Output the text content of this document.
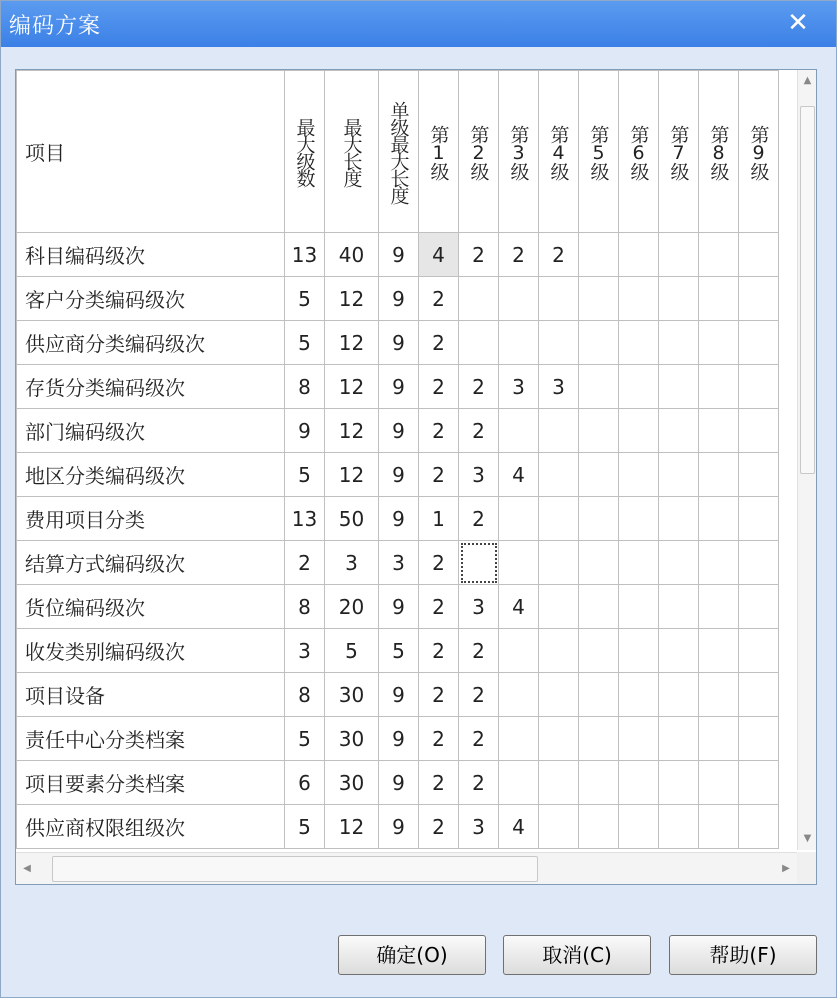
编码方案	✕
项目	最大级数	最大长度	单级最大长度	第1级	第2级	第3级	第4级	第5级	第6级	第7级	第8级	第9级

科目编码级次	13	40	9	4	2	2	2					
客户分类编码级次	5	12	9	2								
供应商分类编码级次	5	12	9	2								
存货分类编码级次	8	12	9	2	2	3	3					
部门编码级次	9	12	9	2	2							
地区分类编码级次	5	12	9	2	3	4						
费用项目分类	13	50	9	1	2							
结算方式编码级次	2	3	3	2								
货位编码级次	8	20	9	2	3	4						
收发类别编码级次	3	5	5	2	2							
项目设备	8	30	9	2	2							
责任中心分类档案	5	30	9	2	2							
项目要素分类档案	6	30	9	2	2							
供应商权限组级次	5	12	9	2	3	4						
▲
▼
◀	▶
确定(O)	取消(C)	帮助(F)
